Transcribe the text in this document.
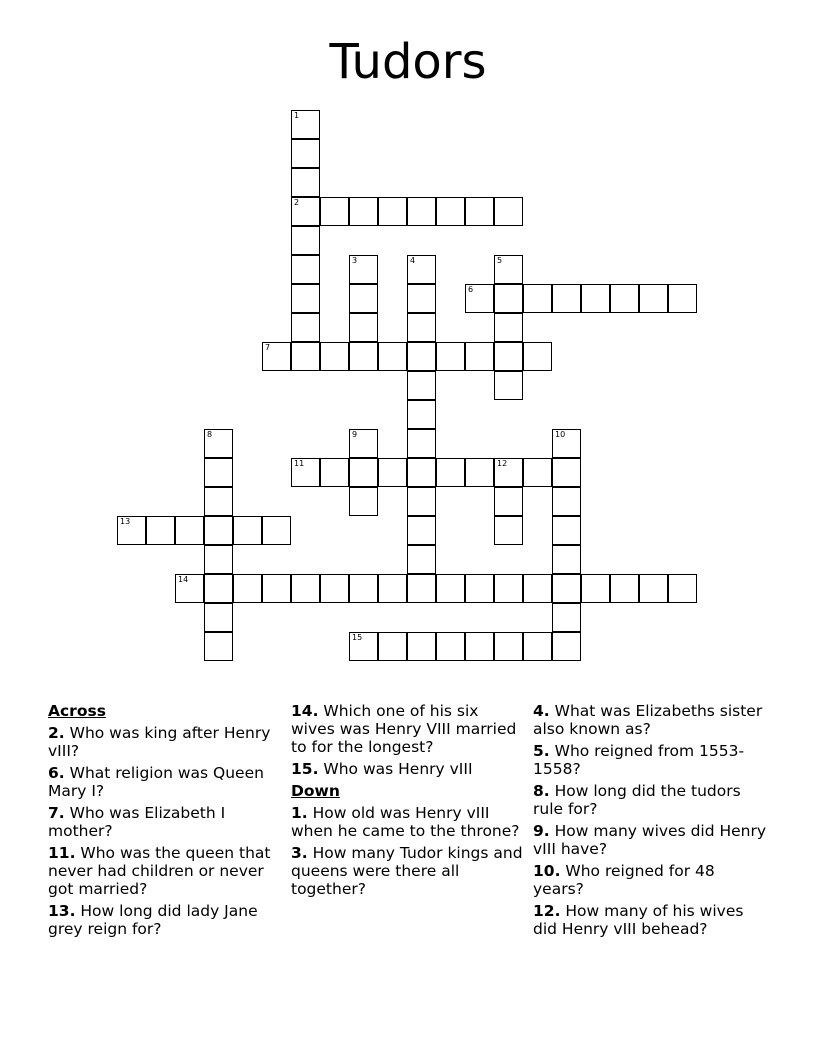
Tudors
1
2
3	4	5
6
7
8	9	10
11	12
13
14
15
Across
2. Who was king after Henry vIII?
6. What religion was Queen Mary I?
7. Who was Elizabeth I mother?
11. Who was the queen that never had children or never got married?
13. How long did lady Jane grey reign for?
14. Which one of his six wives was Henry VIII married to for the longest?
15. Who was Henry vIII
Down
1. How old was Henry vIII when he came to the throne?
3. How many Tudor kings and queens were there all together?
4. What was Elizabeths sister also known as?
5. Who reigned from 1553-1558?
8. How long did the tudors rule for?
9. How many wives did Henry vIII have?
10. Who reigned for 48 years?
12. How many of his wives did Henry vIII behead?
